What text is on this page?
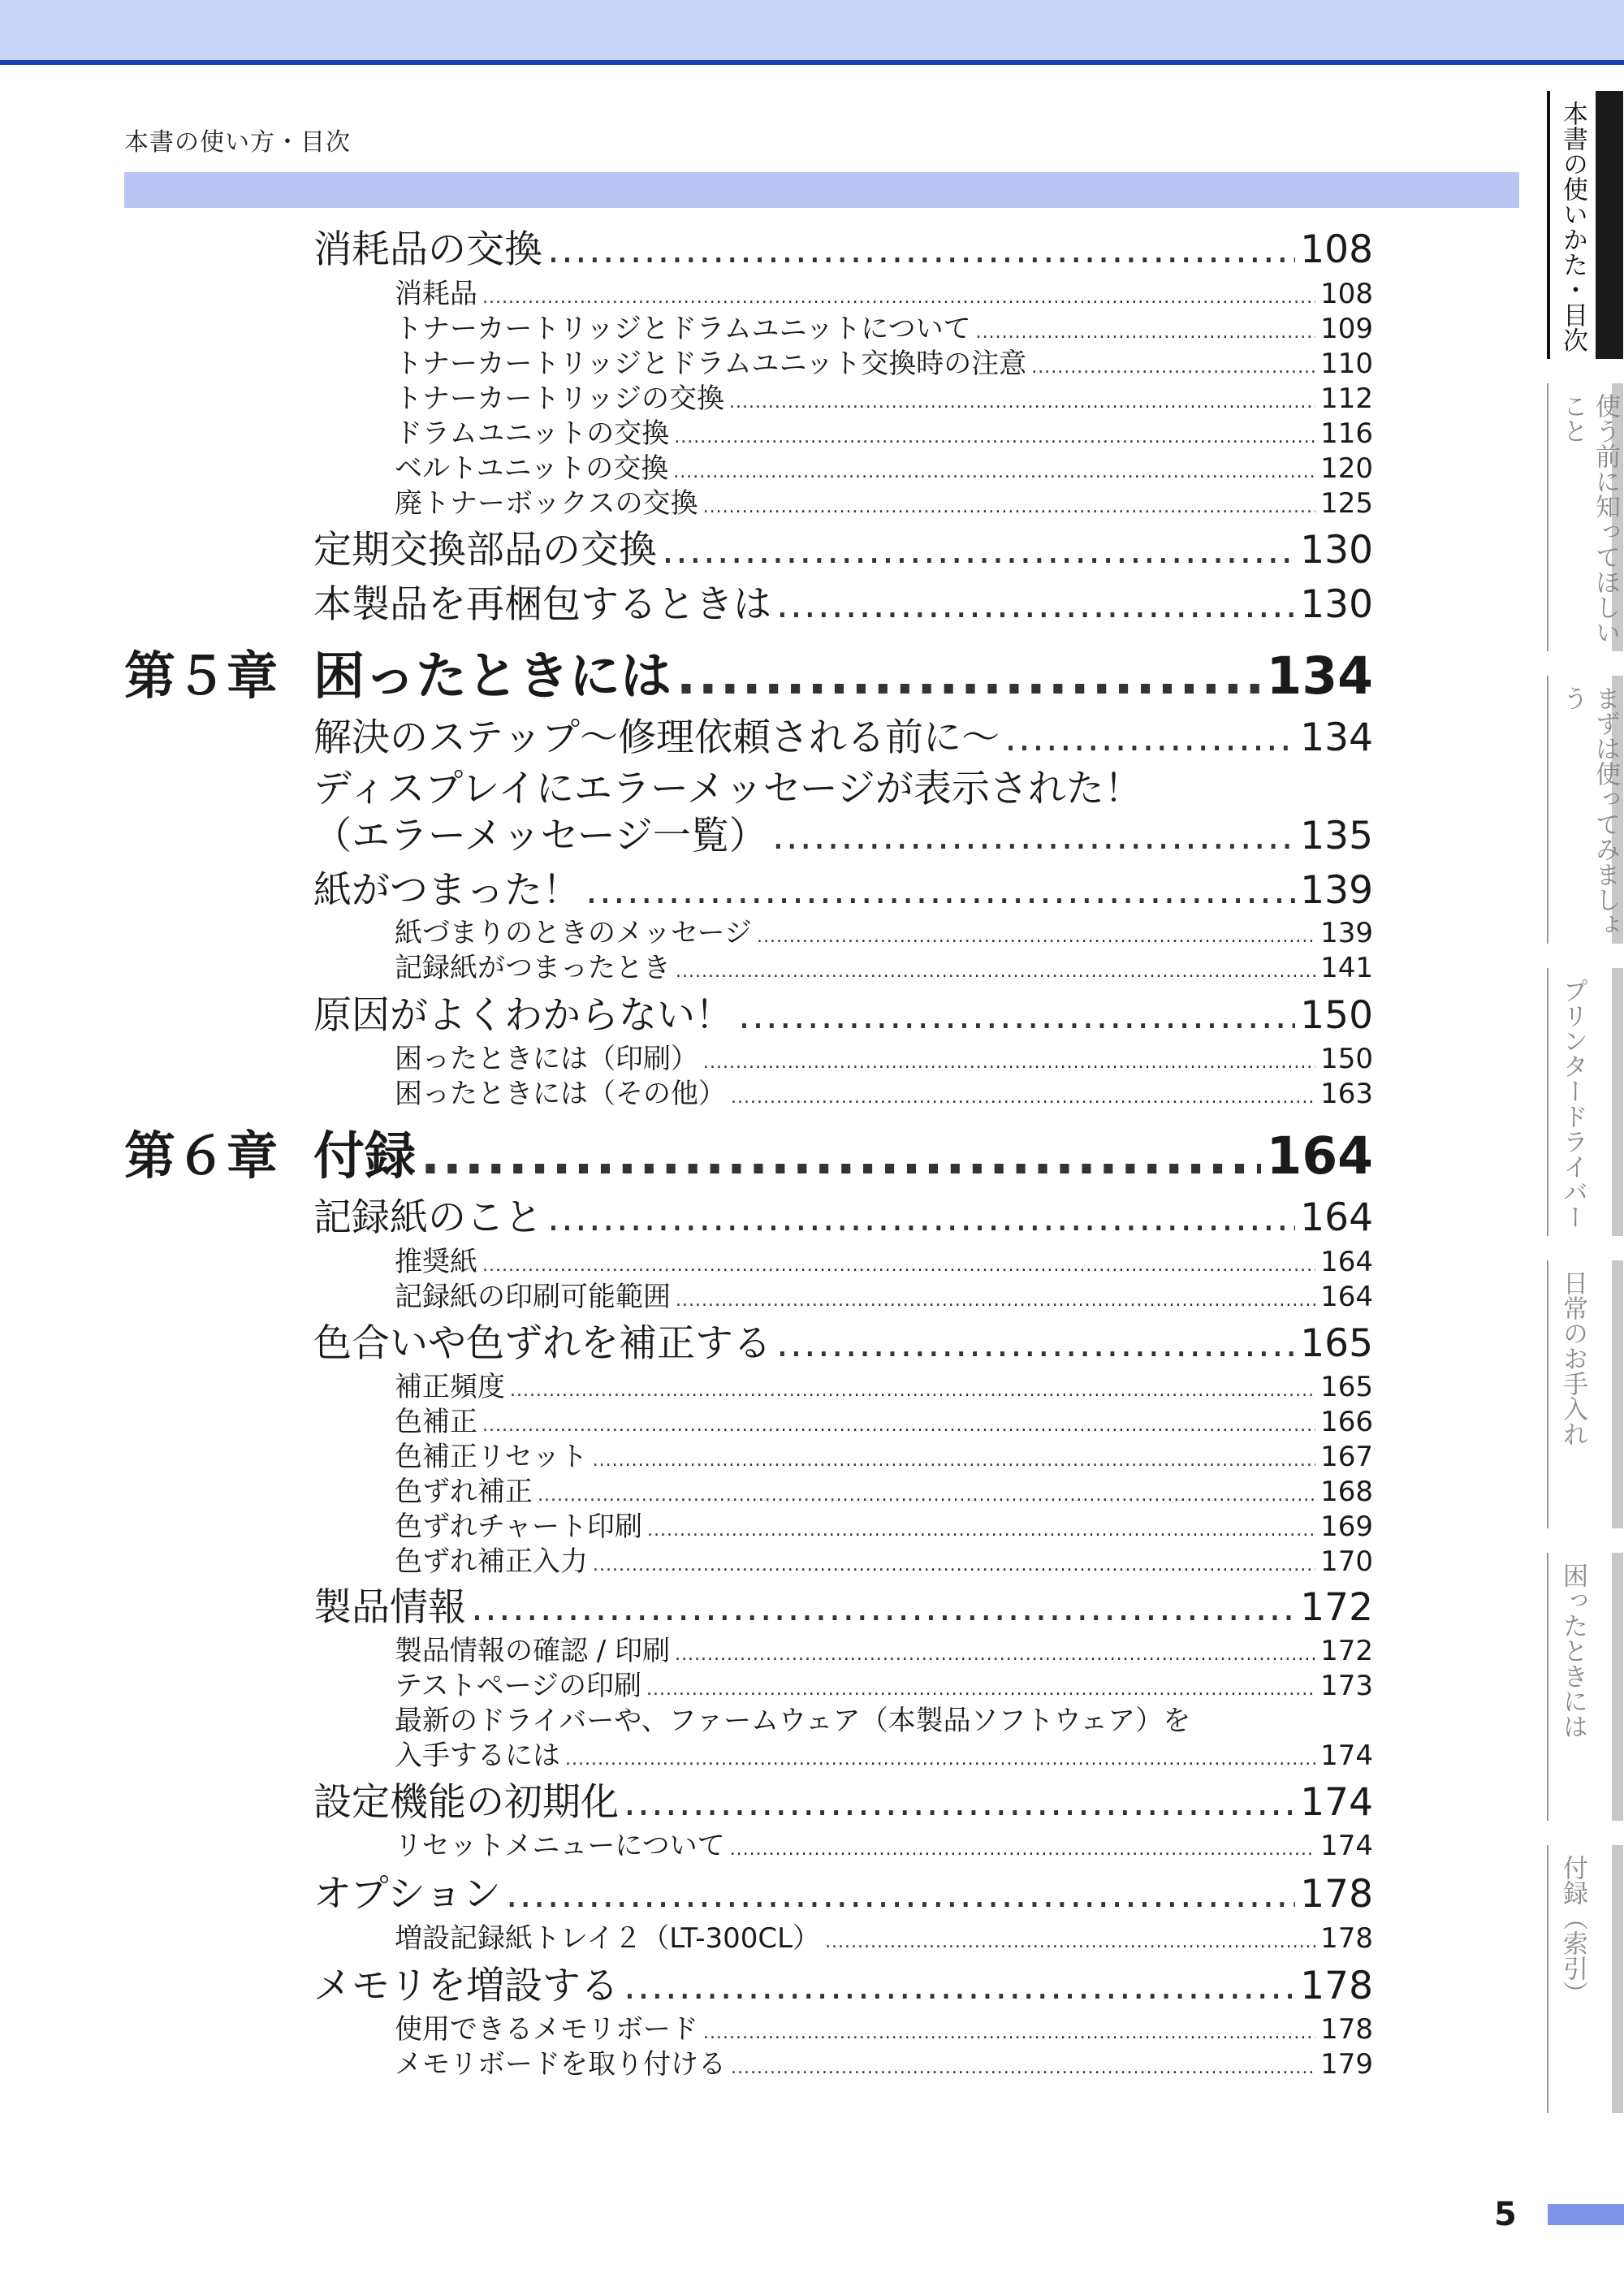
本書の使い方・目次
消耗品の交換 .....	108
消耗品 .....	108
トナーカートリッジとドラムユニットについて .....	109
トナーカートリッジとドラムユニット交換時の注意 .....	110
トナーカートリッジの交換 .....	112
ドラムユニットの交換 .....	116
ベルトユニットの交換 .....	120
廃トナーボックスの交換 .....	125
定期交換部品の交換 .....	130
本製品を再梱包するときは .....	130
第５章 困ったときには .....	134
解決のステップ～修理依頼される前に～ .....	134
ディスプレイにエラーメッセージが表示された！
（エラーメッセージ一覧） .....	135
紙がつまった！ .....	139
紙づまりのときのメッセージ .....	139
記録紙がつまったとき .....	141
原因がよくわからない！ .....	150
困ったときには（印刷） .....	150
困ったときには（その他） .....	163
第６章 付録 .....	164
記録紙のこと .....	164
推奨紙 .....	164
記録紙の印刷可能範囲 .....	164
色合いや色ずれを補正する .....	165
補正頻度 .....	165
色補正 .....	166
色補正リセット .....	167
色ずれ補正 .....	168
色ずれチャート印刷 .....	169
色ずれ補正入力 .....	170
製品情報 .....	172
製品情報の確認 / 印刷 .....	172
テストページの印刷 .....	173
最新のドライバーや、ファームウェア（本製品ソフトウェア）を
入手するには .....	174
設定機能の初期化 .....	174
リセットメニューについて .....	174
オプション .....	178
増設記録紙トレイ２（LT-300CL） .....	178
メモリを増設する .....	178
使用できるメモリボード .....	178
メモリボードを取り付ける .....	179
本書の使いかた・目次
使う前に知ってほしいこと
まずは使ってみましょう
プリンタードライバー
日常のお手入れ
困ったときには
付録（索引）
5
